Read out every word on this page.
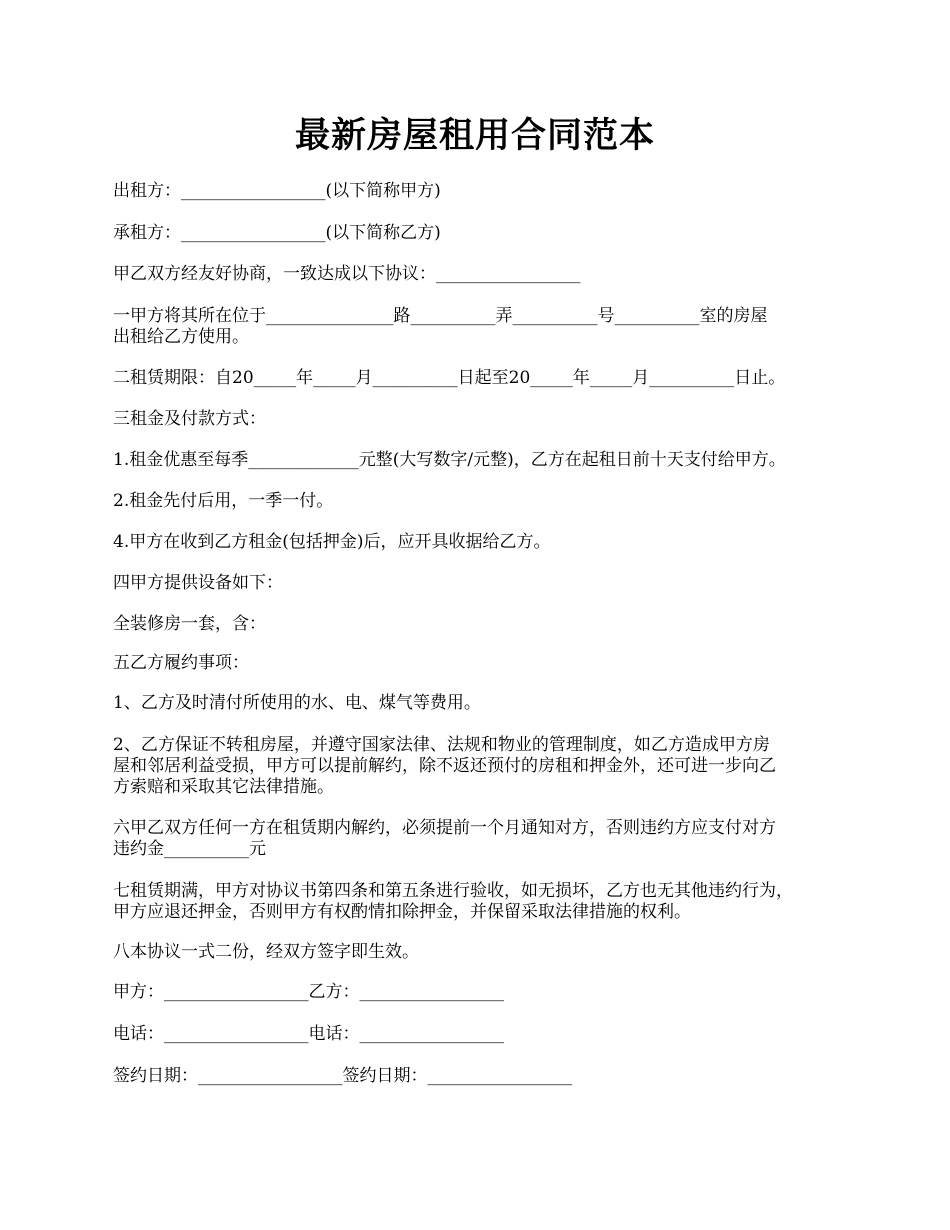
最新房屋租用合同范本
出租方：_________________(以下简称甲方)
承租方：_________________(以下简称乙方)
甲乙双方经友好协商，一致达成以下协议：_________________
一甲方将其所在位于_______________路__________弄__________号__________室的房屋
出租给乙方使用。
二租赁期限：自20_____年_____月__________日起至20_____年_____月__________日止。
三租金及付款方式：
1.租金优惠至每季_____________元整(大写数字/元整)，乙方在起租日前十天支付给甲方。
2.租金先付后用，一季一付。
4.甲方在收到乙方租金(包括押金)后，应开具收据给乙方。
四甲方提供设备如下：
全装修房一套，含：
五乙方履约事项：
1、乙方及时清付所使用的水、电、煤气等费用。
2、乙方保证不转租房屋，并遵守国家法律、法规和物业的管理制度，如乙方造成甲方房
屋和邻居利益受损，甲方可以提前解约，除不返还预付的房租和押金外，还可进一步向乙
方索赔和采取其它法律措施。
六甲乙双方任何一方在租赁期内解约，必须提前一个月通知对方，否则违约方应支付对方
违约金__________元
七租赁期满，甲方对协议书第四条和第五条进行验收，如无损坏，乙方也无其他违约行为，
甲方应退还押金，否则甲方有权酌情扣除押金，并保留采取法律措施的权利。
八本协议一式二份，经双方签字即生效。
甲方：_________________乙方：_________________
电话：_________________电话：_________________
签约日期：_________________签约日期：_________________
